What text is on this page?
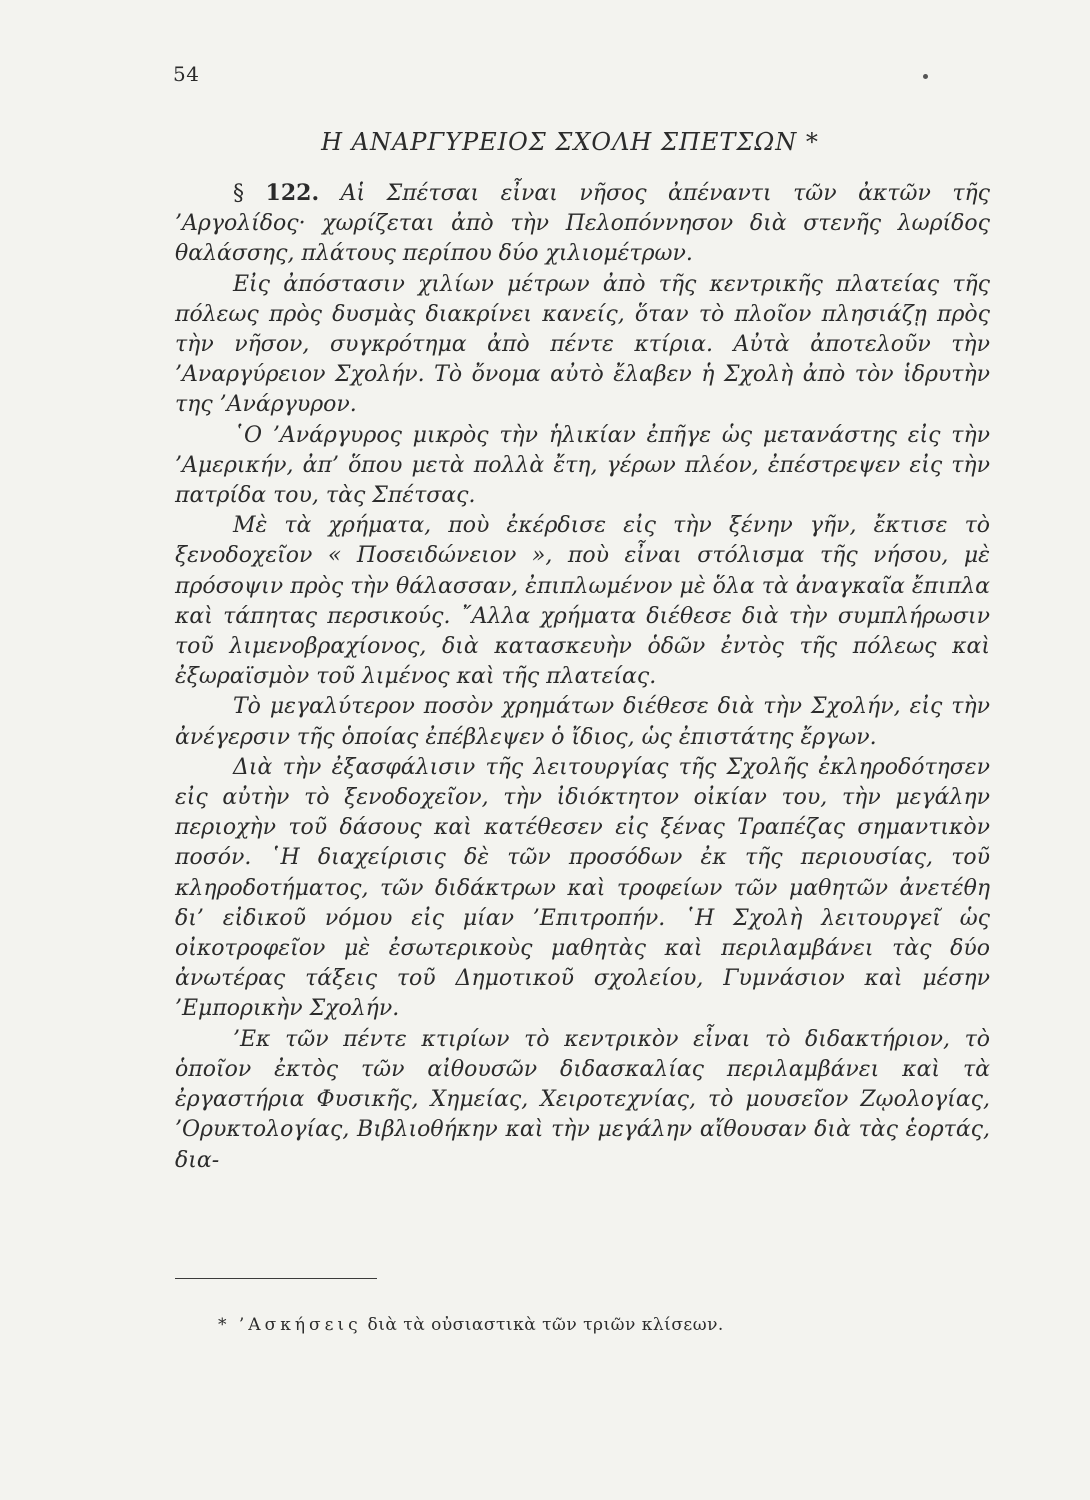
54
Η ΑΝΑΡΓΥΡΕΙΟΣ ΣΧΟΛΗ ΣΠΕΤΣΩΝ *

§ 122. Αἱ Σπέτσαι εἶναι νῆσος ἀπέναντι τῶν ἀκτῶν τῆς ’Αργολίδος· χωρίζεται ἀπὸ τὴν Πελοπόννησον διὰ στενῆς λωρίδος θαλάσσης, πλάτους περίπου δύο χιλιομέτρων.

Εἰς ἀπόστασιν χιλίων μέτρων ἀπὸ τῆς κεντρικῆς πλατείας τῆς πόλεως πρὸς δυσμὰς διακρίνει κανείς, ὅταν τὸ πλοῖον πλησιάζῃ πρὸς τὴν νῆσον, συγκρότημα ἀπὸ πέντε κτίρια. Αὐτὰ ἀποτελοῦν τὴν ’Αναργύρειον Σχολήν. Τὸ ὄνομα αὐτὸ ἔλαβεν ἡ Σχολὴ ἀπὸ τὸν ἱδρυτὴν της ’Ανάργυρον.

῾Ο ’Ανάργυρος μικρὸς τὴν ἡλικίαν ἐπῆγε ὡς μετανάστης εἰς τὴν ’Αμερικήν, ἀπ’ ὅπου μετὰ πολλὰ ἔτη, γέρων πλέον, ἐπέστρεψεν εἰς τὴν πατρίδα του, τὰς Σπέτσας.

Μὲ τὰ χρήματα, ποὺ ἐκέρδισε εἰς τὴν ξένην γῆν, ἔκτισε τὸ ξενοδοχεῖον « Ποσειδώνειον », ποὺ εἶναι στόλισμα τῆς νήσου, μὲ πρόσοψιν πρὸς τὴν θάλασσαν, ἐπιπλωμένον μὲ ὅλα τὰ ἀναγκαῖα ἔπιπλα καὶ τάπητας περσικούς. ῎Αλλα χρήματα διέθεσε διὰ τὴν συμπλήρωσιν τοῦ λιμενοβραχίονος, διὰ κατασκευὴν ὁδῶν ἐντὸς τῆς πόλεως καὶ ἐξωραϊσμὸν τοῦ λιμένος καὶ τῆς πλατείας.

Τὸ μεγαλύτερον ποσὸν χρημάτων διέθεσε διὰ τὴν Σχολήν, εἰς τὴν ἀνέγερσιν τῆς ὁποίας ἐπέβλεψεν ὁ ἴδιος, ὡς ἐπιστάτης ἔργων.

Διὰ τὴν ἐξασφάλισιν τῆς λειτουργίας τῆς Σχολῆς ἐκληροδότησεν εἰς αὐτὴν τὸ ξενοδοχεῖον, τὴν ἰδιόκτητον οἰκίαν του, τὴν μεγάλην περιοχὴν τοῦ δάσους καὶ κατέθεσεν εἰς ξένας Τραπέζας σημαντικὸν ποσόν. ῾Η διαχείρισις δὲ τῶν προσόδων ἐκ τῆς περιουσίας, τοῦ κληροδοτήματος, τῶν διδάκτρων καὶ τροφείων τῶν μαθητῶν ἀνετέθη δι’ εἰδικοῦ νόμου εἰς μίαν ’Επιτροπήν. ῾Η Σχολὴ λειτουργεῖ ὡς οἰκοτροφεῖον μὲ ἐσωτερικοὺς μαθητὰς καὶ περιλαμβάνει τὰς δύο ἀνωτέρας τάξεις τοῦ Δημοτικοῦ σχολείου, Γυμνάσιον καὶ μέσην ’Εμπορικὴν Σχολήν.

’Εκ τῶν πέντε κτιρίων τὸ κεντρικὸν εἶναι τὸ διδακτήριον, τὸ ὁποῖον ἐκτὸς τῶν αἰθουσῶν διδασκαλίας περιλαμβάνει καὶ τὰ ἐργαστήρια Φυσικῆς, Χημείας, Χειροτεχνίας, τὸ μουσεῖον Ζῳολογίας, ’Ορυκτολογίας, Βιβλιοθήκην καὶ τὴν μεγάλην αἴθουσαν διὰ τὰς ἑορτάς, δια-

* ’Ασκήσεις διὰ τὰ οὐσιαστικὰ τῶν τριῶν κλίσεων.
